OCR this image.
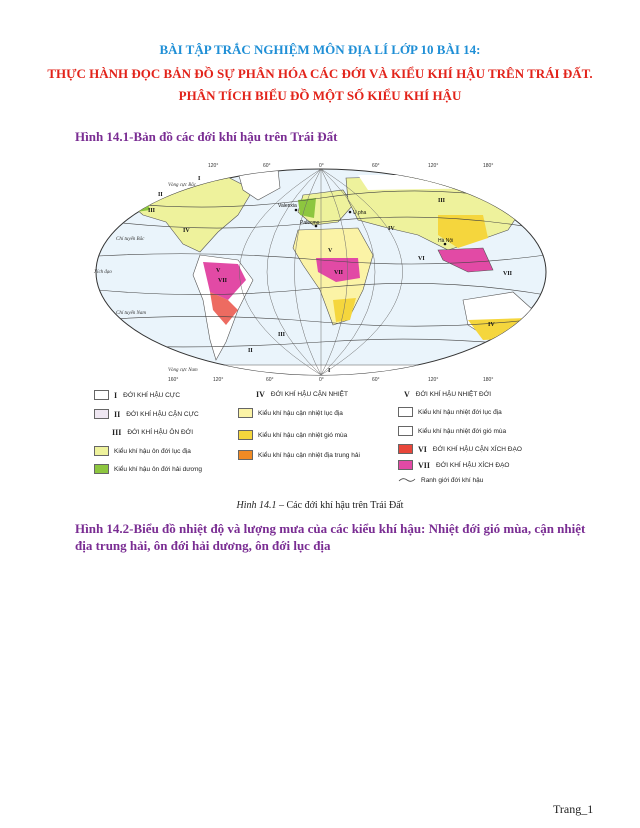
BÀI TẬP TRẮC NGHIỆM MÔN ĐỊA LÍ LỚP 10 BÀI 14:
THỰC HÀNH ĐỌC BẢN ĐỒ SỰ PHÂN HÓA CÁC ĐỚI VÀ KIỂU KHÍ HẬU TRÊN TRÁI ĐẤT.
PHÂN TÍCH BIỂU ĐỒ MỘT SỐ KIỂU KHÍ HẬU
Hình 14.1-Bản đồ các đới khí hậu trên Trái Đất
Vòng cực Bắc
Chí tuyến Bắc
Xích đạo
Chí tuyến Nam
Vòng cực Nam
120°	60°	0°	60°	120°	180°
160°	120°	60°	0°	60°	120°	180°
Valenxia
U pha
Palecmo
Hà Nội
I
II
III
III
IV	IV
V
V
VI
VII
VII	VII
IV
III
II
I
I ĐỚI KHÍ HẬU CỰC
II ĐỚI KHÍ HẬU CẬN CỰC
III ĐỚI KHÍ HẬU ÔN ĐỚI
Kiểu khí hậu ôn đới lục địa
Kiểu khí hậu ôn đới hải dương
IV ĐỚI KHÍ HẬU CẬN NHIỆT
Kiểu khí hậu cận nhiệt lục địa
Kiểu khí hậu cận nhiệt gió mùa
Kiểu khí hậu cận nhiệt địa trung hải
V ĐỚI KHÍ HẬU NHIỆT ĐỚI
Kiểu khí hậu nhiệt đới lục địa
Kiểu khí hậu nhiệt đới gió mùa
VI ĐỚI KHÍ HẬU CẬN XÍCH ĐẠO
VII ĐỚI KHÍ HẬU XÍCH ĐẠO
Ranh giới đới khí hậu
Hình 14.1 – Các đới khí hậu trên Trái Đất
Hình 14.2-Biểu đồ nhiệt độ và lượng mưa của các kiểu khí hậu: Nhiệt đới gió mùa, cận nhiệt địa trung hải, ôn đới hải dương, ôn đới lục địa
Trang_1
